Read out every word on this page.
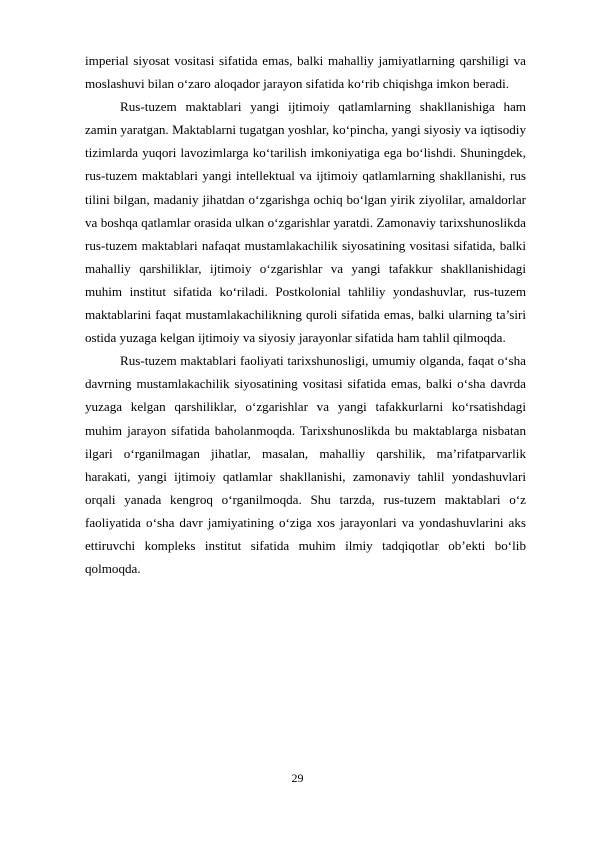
imperial siyosat vositasi sifatida emas, balki mahalliy jamiyatlarning qarshiligi va moslashuvi bilan o‘zaro aloqador jarayon sifatida ko‘rib chiqishga imkon beradi.

Rus-tuzem maktablari yangi ijtimoiy qatlamlarning shakllanishiga ham zamin yaratgan. Maktablarni tugatgan yoshlar, ko‘pincha, yangi siyosiy va iqtisodiy tizimlarda yuqori lavozimlarga ko‘tarilish imkoniyatiga ega bo‘lishdi. Shuningdek, rus-tuzem maktablari yangi intellektual va ijtimoiy qatlamlarning shakllanishi, rus tilini bilgan, madaniy jihatdan o‘zgarishga ochiq bo‘lgan yirik ziyolilar, amaldorlar va boshqa qatlamlar orasida ulkan o‘zgarishlar yaratdi. Zamonaviy tarixshunoslikda rus-tuzem maktablari nafaqat mustamlakachilik siyosatining vositasi sifatida, balki mahalliy qarshiliklar, ijtimoiy o‘zgarishlar va yangi tafakkur shakllanishidagi muhim institut sifatida ko‘riladi. Postkolonial tahliliy yondashuvlar, rus-tuzem maktablarini faqat mustamlakachilikning quroli sifatida emas, balki ularning ta’siri ostida yuzaga kelgan ijtimoiy va siyosiy jarayonlar sifatida ham tahlil qilmoqda.

Rus-tuzem maktablari faoliyati tarixshunosligi, umumiy olganda, faqat o‘sha davrning mustamlakachilik siyosatining vositasi sifatida emas, balki o‘sha davrda yuzaga kelgan qarshiliklar, o‘zgarishlar va yangi tafakkurlarni ko‘rsatishdagi muhim jarayon sifatida baholanmoqda. Tarixshunoslikda bu maktablarga nisbatan ilgari o‘rganilmagan jihatlar, masalan, mahalliy qarshilik, ma’rifatparvarlik harakati, yangi ijtimoiy qatlamlar shakllanishi, zamonaviy tahlil yondashuvlari orqali yanada kengroq o‘rganilmoqda. Shu tarzda, rus-tuzem maktablari o‘z faoliyatida o‘sha davr jamiyatining o‘ziga xos jarayonlari va yondashuvlarini aks ettiruvchi kompleks institut sifatida muhim ilmiy tadqiqotlar ob’ekti bo‘lib qolmoqda.

29
